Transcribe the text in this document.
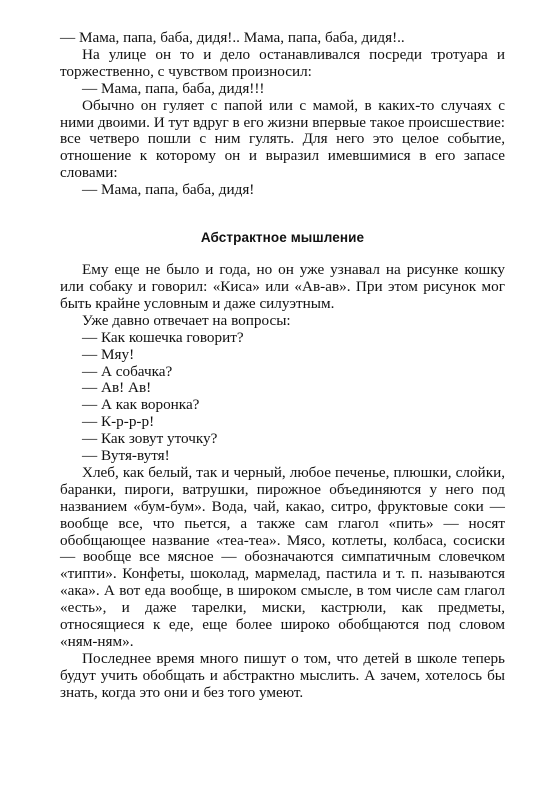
— Мама, папа, баба, дидя!.. Мама, папа, баба, дидя!..

На улице он то и дело останавливался посреди тротуара и торжественно, с чувством произносил:

— Мама, папа, баба, дидя!!!

Обычно он гуляет с папой или с мамой, в каких-то случаях с ними двоими. И тут вдруг в его жизни впервые такое происшествие: все четверо пошли с ним гулять. Для него это целое событие, отношение к которому он и выразил имевшимися в его запасе словами:

— Мама, папа, баба, дидя!

Абстрактное мышление

Ему еще не было и года, но он уже узнавал на рисунке кошку или собаку и говорил: «Киса» или «Ав-ав». При этом рисунок мог быть крайне условным и даже силуэтным.

Уже давно отвечает на вопросы:

— Как кошечка говорит?

— Мяу!

— А собачка?

— Ав! Ав!

— А как воронка?

— К-р-р-р!

— Как зовут уточку?

— Вутя-вутя!

Хлеб, как белый, так и черный, любое печенье, плюшки, слойки, баранки, пироги, ватрушки, пирожное объединяются у него под названием «бум-бум». Вода, чай, какао, ситро, фруктовые соки — вообще все, что пьется, а также сам глагол «пить» — носят обобщающее название «теа-теа». Мясо, котлеты, колбаса, сосиски — вообще все мясное — обозначаются симпатичным словечком «типти». Конфеты, шоколад, мармелад, пастила и т. п. называются «ака». А вот еда вообще, в широком смысле, в том числе сам глагол «есть», и даже тарелки, миски, кастрюли, как предметы, относящиеся к еде, еще более широко обобщаются под словом «ням-ням».

Последнее время много пишут о том, что детей в школе теперь будут учить обобщать и абстрактно мыслить. А зачем, хотелось бы знать, когда это они и без того умеют.
